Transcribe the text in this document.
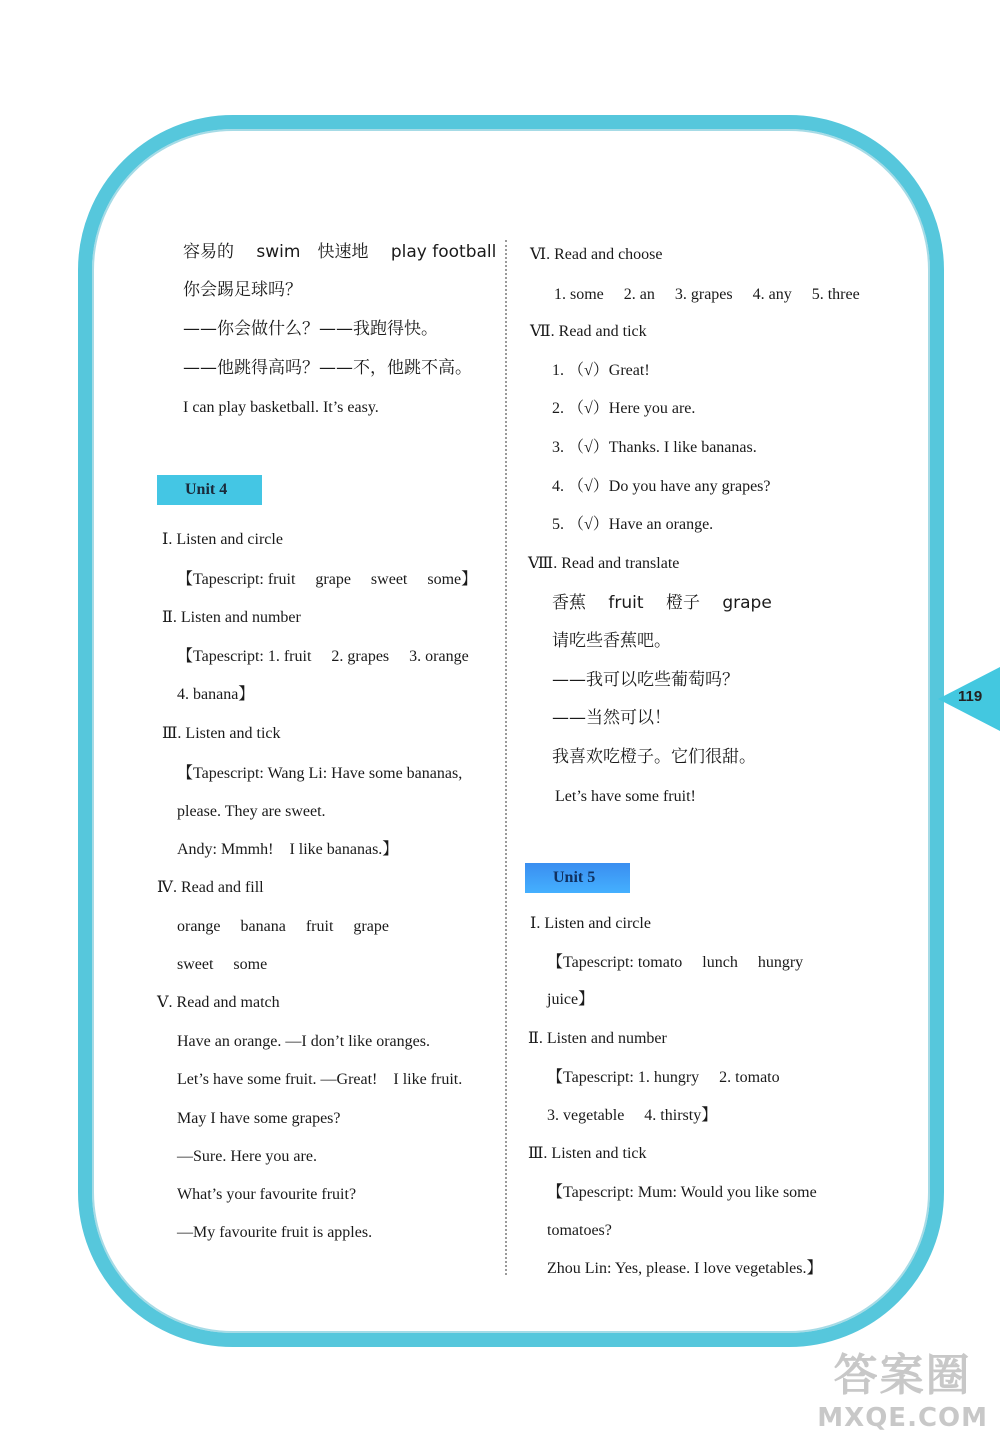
119
容易的　 swim　快速地　 play football
你会踢足球吗？
——你会做什么？——我跑得快。
——他跳得高吗？——不，他跳不高。
I can play basketball. It’s easy.
Unit 4
Ⅰ. Listen and circle
【Tapescript: fruit　 grape　 sweet　 some】
Ⅱ. Listen and number
【Tapescript: 1. fruit　 2. grapes　 3. orange
4. banana】
Ⅲ. Listen and tick
【Tapescript: Wang Li: Have some bananas,
please. They are sweet.
Andy: Mmmh!　I like bananas.】
Ⅳ. Read and fill
orange　 banana　 fruit　 grape
sweet　 some
Ⅴ. Read and match
Have an orange. —I don’t like oranges.
Let’s have some fruit. —Great!　I like fruit.
May I have some grapes?
—Sure. Here you are.
What’s your favourite fruit?
—My favourite fruit is apples.
Ⅵ. Read and choose
1. some　 2. an　 3. grapes　 4. any　 5. three
Ⅶ. Read and tick
1. （√）Great!
2. （√）Here you are.
3. （√）Thanks. I like bananas.
4. （√）Do you have any grapes?
5. （√）Have an orange.
Ⅷ. Read and translate
香蕉　 fruit　 橙子　 grape
请吃些香蕉吧。
——我可以吃些葡萄吗？
——当然可以！
我喜欢吃橙子。它们很甜。
Let’s have some fruit!
Unit 5
Ⅰ. Listen and circle
【Tapescript: tomato　 lunch　 hungry
juice】
Ⅱ. Listen and number
【Tapescript: 1. hungry　 2. tomato
3. vegetable　 4. thirsty】
Ⅲ. Listen and tick
【Tapescript: Mum: Would you like some
tomatoes?
Zhou Lin: Yes, please. I love vegetables.】
答案圈
MXQE.COM
